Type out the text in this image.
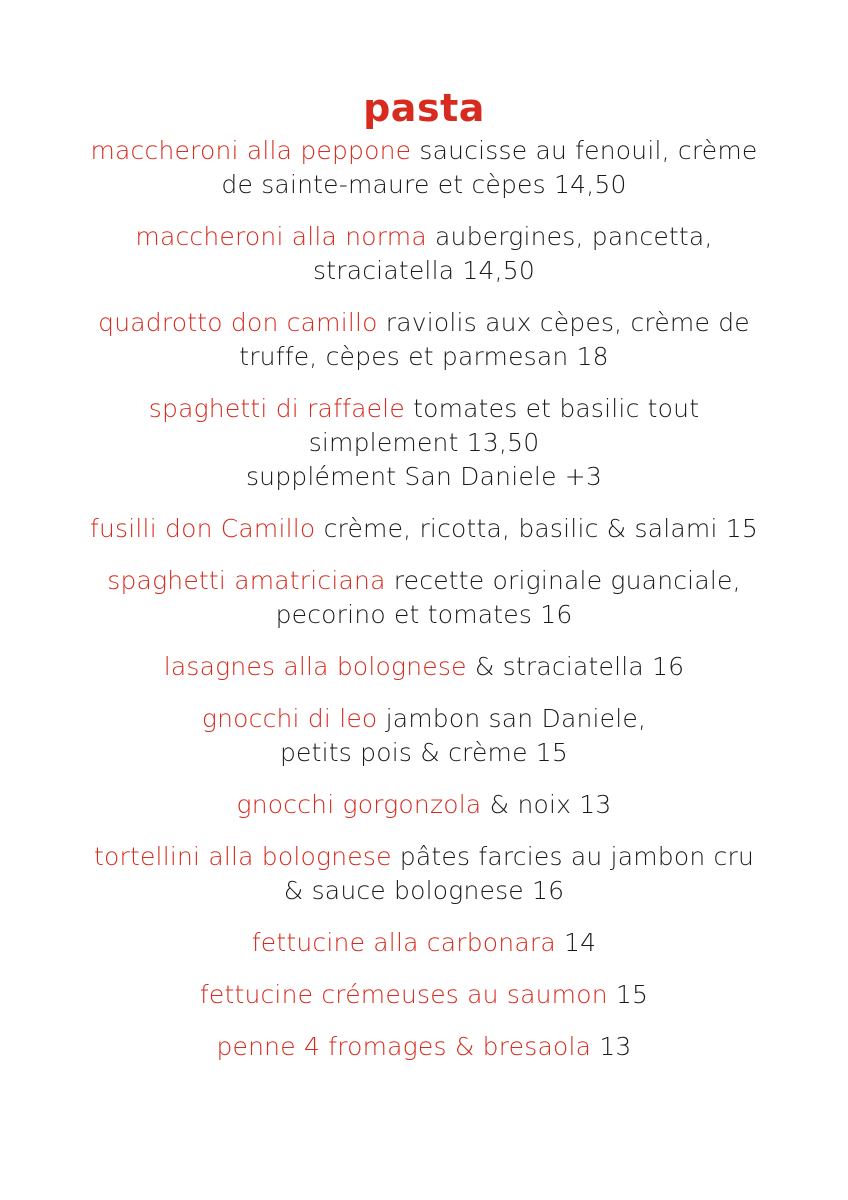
pasta

maccheroni alla peppone saucisse au fenouil, crème
de sainte-maure et cèpes 14,50

maccheroni alla norma aubergines, pancetta,
straciatella 14,50

quadrotto don camillo raviolis aux cèpes, crème de
truffe, cèpes et parmesan 18

spaghetti di raffaele tomates et basilic tout
simplement 13,50
supplément San Daniele +3

fusilli don Camillo crème, ricotta, basilic & salami 15

spaghetti amatriciana recette originale guanciale,
pecorino et tomates 16

lasagnes alla bolognese & straciatella 16

gnocchi di leo jambon san Daniele,
petits pois & crème 15

gnocchi gorgonzola & noix 13

tortellini alla bolognese pâtes farcies au jambon cru
& sauce bolognese 16

fettucine alla carbonara 14

fettucine crémeuses au saumon 15

penne 4 fromages & bresaola 13
